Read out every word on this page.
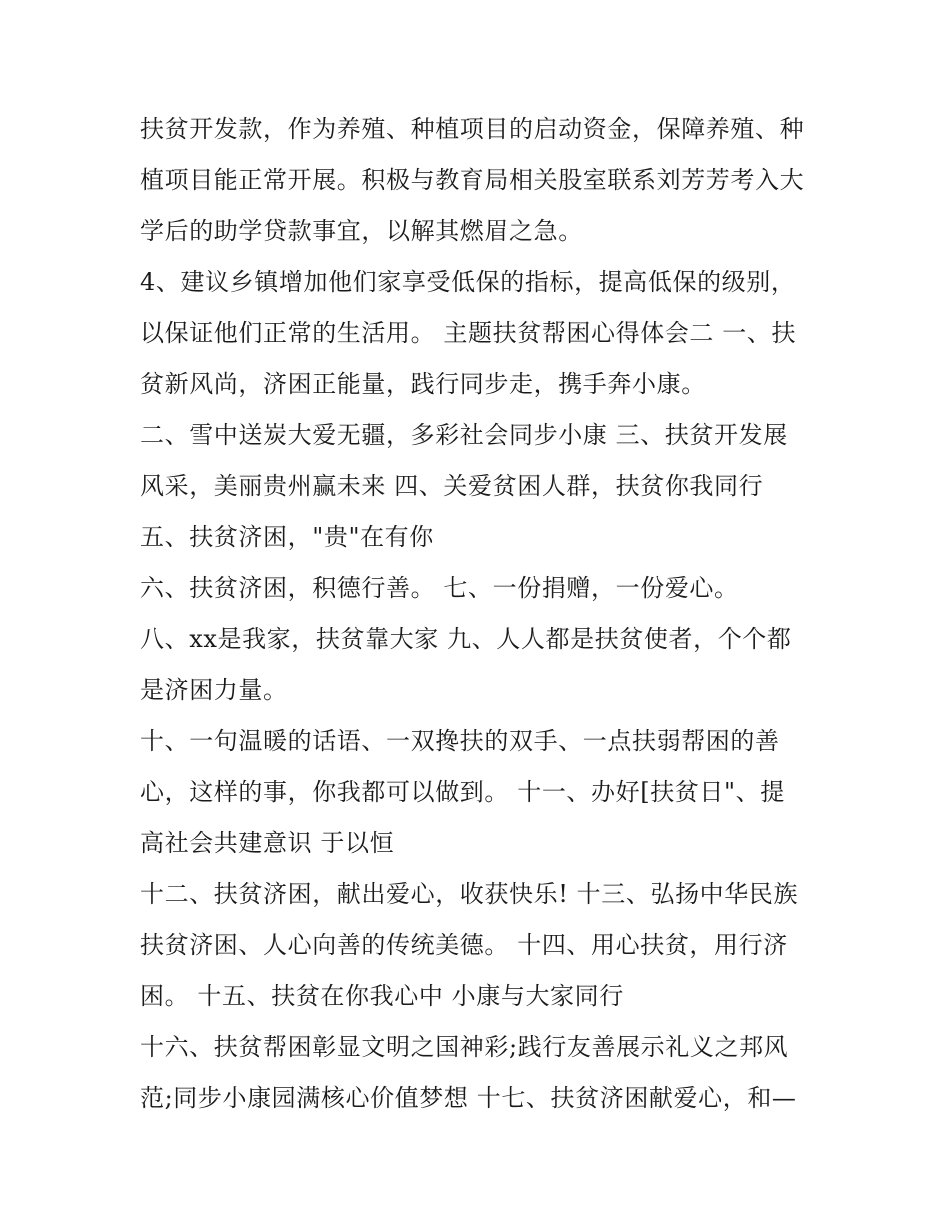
扶贫开发款，作为养殖、种植项目的启动资金，保障养殖、种
植项目能正常开展。积极与教育局相关股室联系刘芳芳考入大
学后的助学贷款事宜，以解其燃眉之急。

4、建议乡镇增加他们家享受低保的指标，提高低保的级别，
以保证他们正常的生活用。 主题扶贫帮困心得体会二 一、扶
贫新风尚，济困正能量，践行同步走，携手奔小康。

二、雪中送炭大爱无疆，多彩社会同步小康 三、扶贫开发展
风采，美丽贵州赢未来 四、关爱贫困人群，扶贫你我同行

五、扶贫济困，"贵"在有你

六、扶贫济困，积德行善。 七、一份捐赠，一份爱心。

八、xx是我家，扶贫靠大家 九、人人都是扶贫使者，个个都
是济困力量。

十、一句温暖的话语、一双搀扶的双手、一点扶弱帮困的善
心，这样的事，你我都可以做到。 十一、办好[扶贫日"、提
高社会共建意识 于以恒

十二、扶贫济困，献出爱心，收获快乐! 十三、弘扬中华民族
扶贫济困、人心向善的传统美德。 十四、用心扶贫，用行济
困。 十五、扶贫在你我心中 小康与大家同行

十六、扶贫帮困彰显文明之国神彩;践行友善展示礼义之邦风
范;同步小康园满核心价值梦想 十七、扶贫济困献爱心，和—
